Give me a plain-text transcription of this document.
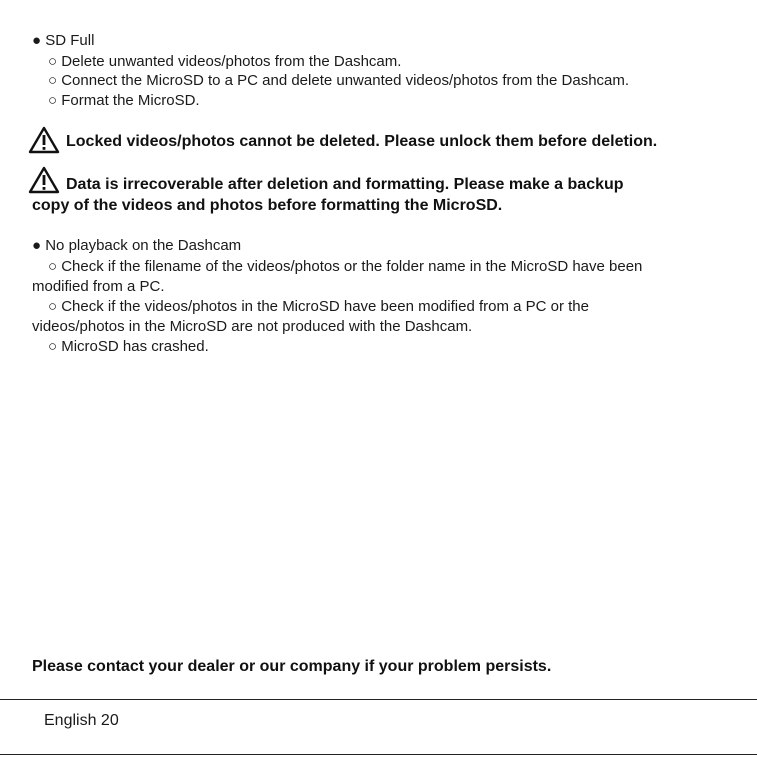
● SD Full
○ Delete unwanted videos/photos from the Dashcam.
○ Connect the MicroSD to a PC and delete unwanted videos/photos from the Dashcam.
○ Format the MicroSD.
Locked videos/photos cannot be deleted. Please unlock them before deletion.
Data is irrecoverable after deletion and formatting. Please make a backup
copy of the videos and photos before formatting the MicroSD.
● No playback on the Dashcam
○ Check if the filename of the videos/photos or the folder name in the MicroSD have been
modified from a PC.
○ Check if the videos/photos in the MicroSD have been modified from a PC or the
videos/photos in the MicroSD are not produced with the Dashcam.
○ MicroSD has crashed.
Please contact your dealer or our company if your problem persists.
English 20
